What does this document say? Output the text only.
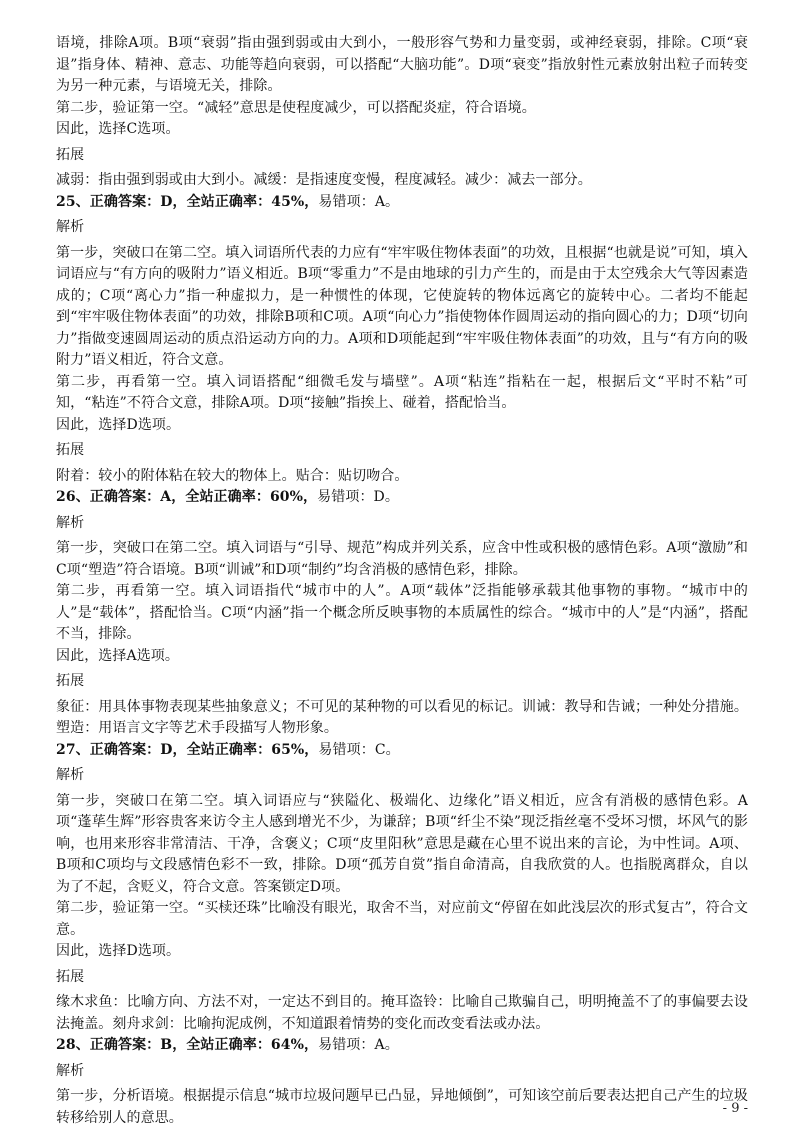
语境，排除A项。B项“衰弱”指由强到弱或由大到小，一般形容气势和力量变弱，或神经衰弱，排除。C项“衰退”指身体、精神、意志、功能等趋向衰弱，可以搭配“大脑功能”。D项“衰变”指放射性元素放射出粒子而转变为另一种元素，与语境无关，排除。

第二步，验证第一空。“减轻”意思是使程度减少，可以搭配炎症，符合语境。

因此，选择C选项。

拓展

减弱：指由强到弱或由大到小。减缓：是指速度变慢，程度减轻。减少：减去一部分。

25、正确答案：D，全站正确率：45%，易错项：A。

解析

第一步，突破口在第二空。填入词语所代表的力应有“牢牢吸住物体表面”的功效，且根据“也就是说”可知，填入词语应与“有方向的吸附力”语义相近。B项“零重力”不是由地球的引力产生的，而是由于太空残余大气等因素造成的；C项“离心力”指一种虚拟力，是一种惯性的体现，它使旋转的物体远离它的旋转中心。二者均不能起到“牢牢吸住物体表面”的功效，排除B项和C项。A项“向心力”指使物体作圆周运动的指向圆心的力；D项“切向力”指做变速圆周运动的质点沿运动方向的力。A项和D项能起到“牢牢吸住物体表面”的功效，且与“有方向的吸附力”语义相近，符合文意。

第二步，再看第一空。填入词语搭配“细微毛发与墙壁”。A项“粘连”指粘在一起，根据后文“平时不粘”可知，“粘连”不符合文意，排除A项。D项“接触”指挨上、碰着，搭配恰当。

因此，选择D选项。

拓展

附着：较小的附体粘在较大的物体上。贴合：贴切吻合。

26、正确答案：A，全站正确率：60%，易错项：D。

解析

第一步，突破口在第二空。填入词语与“引导、规范”构成并列关系，应含中性或积极的感情色彩。A项“激励”和C项“塑造”符合语境。B项“训诫”和D项“制约”均含消极的感情色彩，排除。

第二步，再看第一空。填入词语指代“城市中的人”。A项“载体”泛指能够承载其他事物的事物。“城市中的人”是“载体”，搭配恰当。C项“内涵”指一个概念所反映事物的本质属性的综合。“城市中的人”是“内涵”，搭配不当，排除。

因此，选择A选项。

拓展

象征：用具体事物表现某些抽象意义；不可见的某种物的可以看见的标记。训诫：教导和告诫；一种处分措施。塑造：用语言文字等艺术手段描写人物形象。

27、正确答案：D，全站正确率：65%，易错项：C。

解析

第一步，突破口在第二空。填入词语应与“狭隘化、极端化、边缘化”语义相近，应含有消极的感情色彩。A项“蓬荜生辉”形容贵客来访令主人感到增光不少，为谦辞；B项“纤尘不染”现泛指丝毫不受坏习惯，坏风气的影响，也用来形容非常清洁、干净，含褒义；C项“皮里阳秋”意思是藏在心里不说出来的言论，为中性词。A项、B项和C项均与文段感情色彩不一致，排除。D项“孤芳自赏”指自命清高，自我欣赏的人。也指脱离群众，自以为了不起，含贬义，符合文意。答案锁定D项。

第二步，验证第一空。“买椟还珠”比喻没有眼光，取舍不当，对应前文“停留在如此浅层次的形式复古”，符合文意。

因此，选择D选项。

拓展

缘木求鱼：比喻方向、方法不对，一定达不到目的。掩耳盗铃：比喻自己欺骗自己，明明掩盖不了的事偏要去设法掩盖。刻舟求剑：比喻拘泥成例，不知道跟着情势的变化而改变看法或办法。

28、正确答案：B，全站正确率：64%，易错项：A。

解析

第一步，分析语境。根据提示信息“城市垃圾问题早已凸显，异地倾倒”，可知该空前后要表达把自己产生的垃圾转移给别人的意思。

- 9 -
